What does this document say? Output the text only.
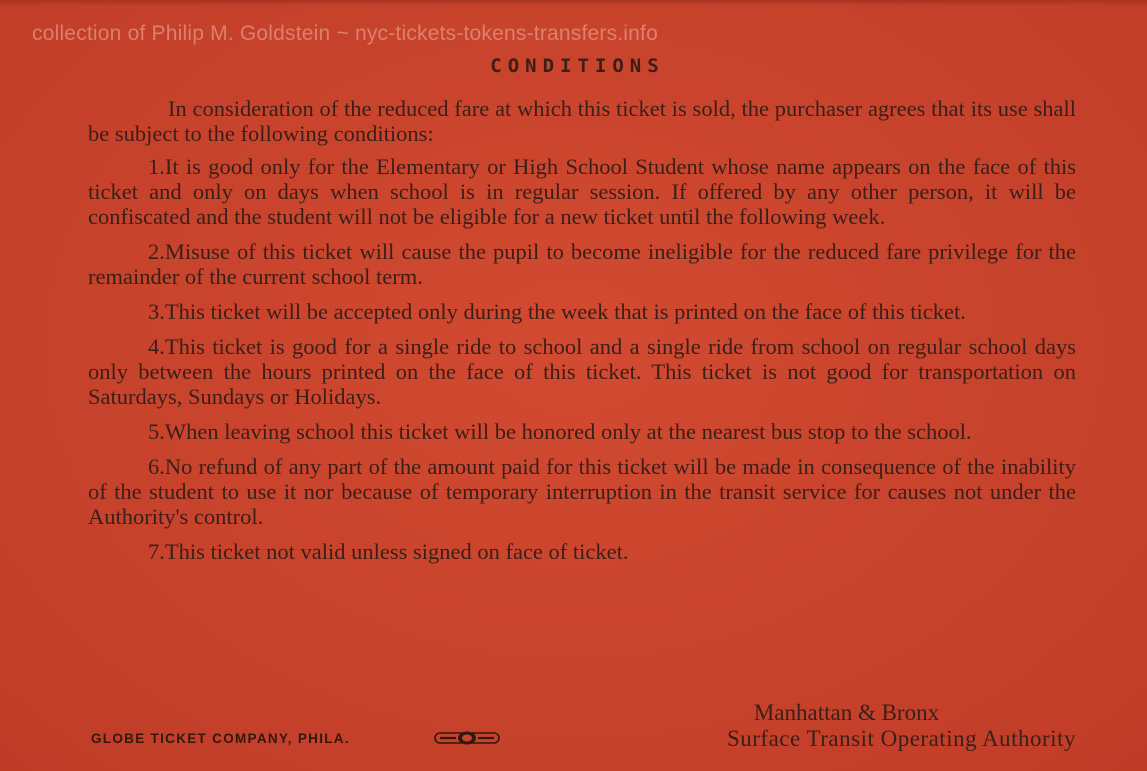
collection of Philip M. Goldstein ~ nyc-tickets-tokens-transfers.info
CONDITIONS

In consideration of the reduced fare at which this ticket is sold, the purchaser agrees that its use shall be subject to the following conditions:

1.It is good only for the Elementary or High School Student whose name appears on the face of this ticket and only on days when school is in regular session. If offered by any other person, it will be confiscated and the student will not be eligible for a new ticket until the following week.

2.Misuse of this ticket will cause the pupil to become ineligible for the reduced fare privilege for the remainder of the current school term.

3.This ticket will be accepted only during the week that is printed on the face of this ticket.

4.This ticket is good for a single ride to school and a single ride from school on regular school days only between the hours printed on the face of this ticket. This ticket is not good for transportation on Saturdays, Sundays or Holidays.

5.When leaving school this ticket will be honored only at the nearest bus stop to the school.

6.No refund of any part of the amount paid for this ticket will be made in consequence of the inability of the student to use it nor because of temporary interruption in the transit service for causes not under the Authority's control.

7.This ticket not valid unless signed on face of ticket.

GLOBE TICKET COMPANY, PHILA.
Manhattan & Bronx
Surface Transit Operating Authority
